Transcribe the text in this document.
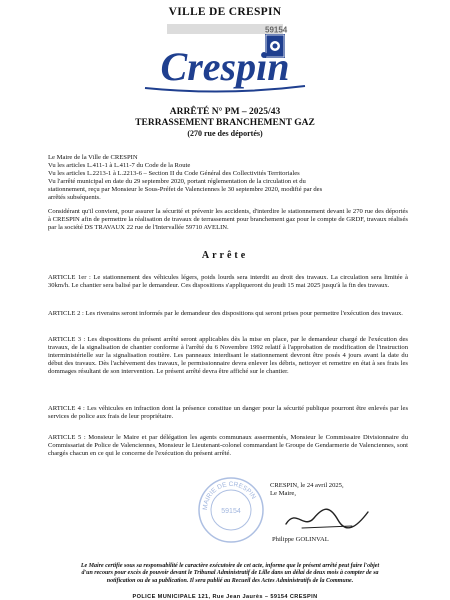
VILLE DE CRESPIN
59154
Crespin
ARRÊTÉ N° PM – 2025/43
TERRASSEMENT BRANCHEMENT GAZ
(270 rue des déportés)
Le Maire de la Ville de CRESPIN
Vu les articles L.411-1 à L.411-7 du Code de la Route
Vu les articles L.2213-1 à L.2213-6 – Section II du Code Général des Collectivités Territoriales
Vu l'arrêté municipal en date du 29 septembre 2020, portant réglementation de la circulation et du
stationnement, reçu par Monsieur le Sous-Préfet de Valenciennes le 30 septembre 2020, modifié par des
arrêtés subséquents.
Considérant qu'il convient, pour assurer la sécurité et prévenir les accidents, d'interdire le stationnement devant le 270 rue des déportés à CRESPIN afin de permettre la réalisation de travaux de terrassement pour branchement gaz pour le compte de GRDF, travaux réalisés par la société DS TRAVAUX 22 rue de l'Intervallée 59710 AVELIN.
Arrête
ARTICLE 1er : Le stationnement des véhicules légers, poids lourds sera interdit au droit des travaux. La circulation sera limitée à 30km/h. Le chantier sera balisé par le demandeur. Ces dispositions s'appliqueront du jeudi 15 mai 2025 jusqu'à la fin des travaux.
ARTICLE 2 : Les riverains seront informés par le demandeur des dispositions qui seront prises pour permettre l'exécution des travaux.
ARTICLE 3 : Les dispositions du présent arrêté seront applicables dès la mise en place, par le demandeur chargé de l'exécution des travaux, de la signalisation de chantier conforme à l'arrêté du 6 Novembre 1992 relatif à l'approbation de modification de l'instruction interministérielle sur la signalisation routière. Les panneaux interdisant le stationnement devront être posés 4 jours avant la date du début des travaux. Dès l'achèvement des travaux, le permissionnaire devra enlever les débris, nettoyer et remettre en état à ses frais les dommages résultant de son intervention. Le présent arrêté devra être affiché sur le chantier.
ARTICLE 4 : Les véhicules en infraction dont la présence constitue un danger pour la sécurité publique pourront être enlevés par les services de police aux frais de leur propriétaire.
ARTICLE 5 : Monsieur le Maire et par délégation les agents communaux assermentés, Monsieur le Commissaire Divisionnaire du Commissariat de Police de Valenciennes, Monsieur le Lieutenant-colonel commandant le Groupe de Gendarmerie de Valenciennes, sont chargés chacun en ce qui le concerne de l'exécution du présent arrêté.
MAIRIE DE CRESPIN
59154
CRESPIN, le 24 avril 2025,
Le Maire,
Philippe GOLINVAL
Le Maire certifie sous sa responsabilité le caractère exécutoire de cet acte, informe que le présent arrêté peut faire l'objet d'un recours pour excès de pouvoir devant le Tribunal Administratif de Lille dans un délai de deux mois à compter de sa notification ou de sa publication. Il sera publié au Recueil des Actes Administratifs de la Commune.
POLICE MUNICIPALE 121, Rue Jean Jaurès – 59154 CRESPIN
